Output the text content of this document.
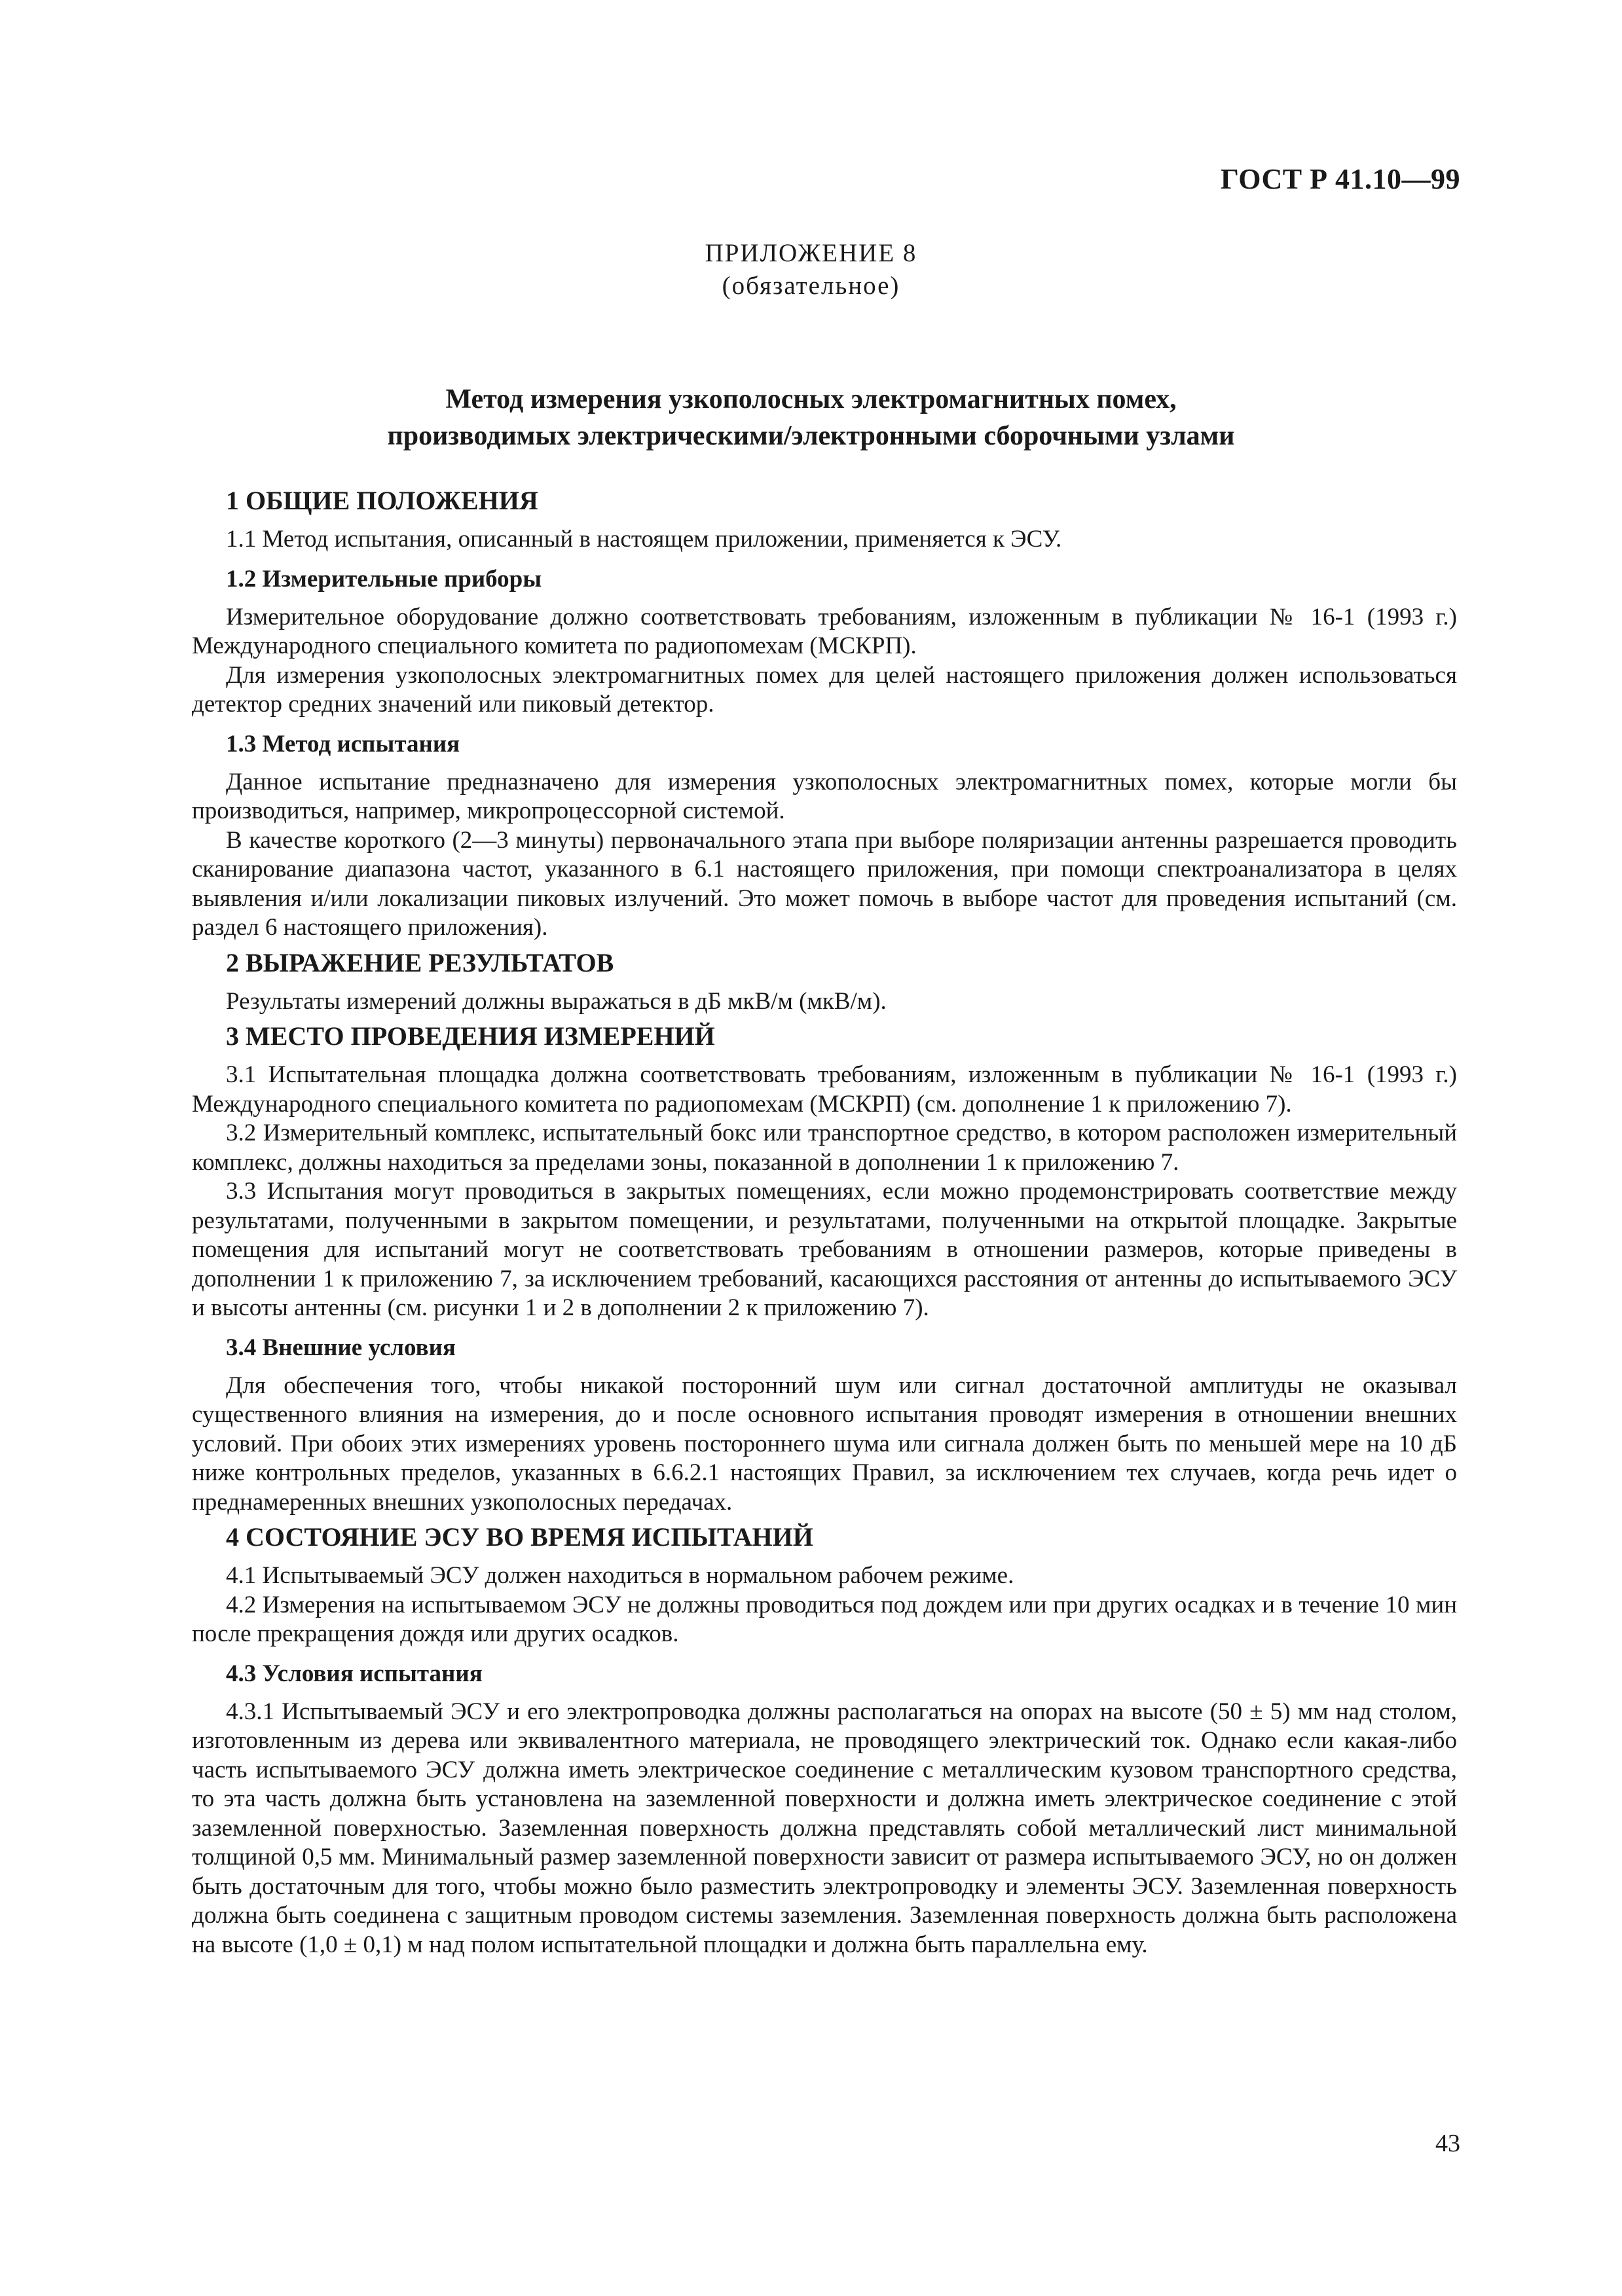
ГОСТ Р 41.10—99
ПРИЛОЖЕНИЕ 8
(обязательное)
Метод измерения узкополосных электромагнитных помех,
производимых электрическими/электронными сборочными узлами
1 ОБЩИЕ ПОЛОЖЕНИЯ
1.1 Метод испытания, описанный в настоящем приложении, применяется к ЭСУ.
1.2 Измерительные приборы
Измерительное оборудование должно соответствовать требованиям, изложенным в публикации № 16-1 (1993 г.) Международного специального комитета по радиопомехам (МСКРП).
Для измерения узкополосных электромагнитных помех для целей настоящего приложения должен использоваться детектор средних значений или пиковый детектор.
1.3 Метод испытания
Данное испытание предназначено для измерения узкополосных электромагнитных помех, которые могли бы производиться, например, микропроцессорной системой.
В качестве короткого (2—3 минуты) первоначального этапа при выборе поляризации антенны разрешается проводить сканирование диапазона частот, указанного в 6.1 настоящего приложения, при помощи спектроанализатора в целях выявления и/или локализации пиковых излучений. Это может помочь в выборе частот для проведения испытаний (см. раздел 6 настоящего приложения).
2 ВЫРАЖЕНИЕ РЕЗУЛЬТАТОВ
Результаты измерений должны выражаться в дБ мкВ/м (мкВ/м).
3 МЕСТО ПРОВЕДЕНИЯ ИЗМЕРЕНИЙ
3.1 Испытательная площадка должна соответствовать требованиям, изложенным в публикации № 16-1 (1993 г.) Международного специального комитета по радиопомехам (МСКРП) (см. дополнение 1 к приложению 7).
3.2 Измерительный комплекс, испытательный бокс или транспортное средство, в котором расположен измерительный комплекс, должны находиться за пределами зоны, показанной в дополнении 1 к приложению 7.
3.3 Испытания могут проводиться в закрытых помещениях, если можно продемонстрировать соответствие между результатами, полученными в закрытом помещении, и результатами, полученными на открытой площадке. Закрытые помещения для испытаний могут не соответствовать требованиям в отношении размеров, которые приведены в дополнении 1 к приложению 7, за исключением требований, касающихся расстояния от антенны до испытываемого ЭСУ и высоты антенны (см. рисунки 1 и 2 в дополнении 2 к приложению 7).
3.4 Внешние условия
Для обеспечения того, чтобы никакой посторонний шум или сигнал достаточной амплитуды не оказывал существенного влияния на измерения, до и после основного испытания проводят измерения в отношении внешних условий. При обоих этих измерениях уровень постороннего шума или сигнала должен быть по меньшей мере на 10 дБ ниже контрольных пределов, указанных в 6.6.2.1 настоящих Правил, за исключением тех случаев, когда речь идет о преднамеренных внешних узкополосных передачах.
4 СОСТОЯНИЕ ЭСУ ВО ВРЕМЯ ИСПЫТАНИЙ
4.1 Испытываемый ЭСУ должен находиться в нормальном рабочем режиме.
4.2 Измерения на испытываемом ЭСУ не должны проводиться под дождем или при других осадках и в течение 10 мин после прекращения дождя или других осадков.
4.3 Условия испытания
4.3.1 Испытываемый ЭСУ и его электропроводка должны располагаться на опорах на высоте (50 ± 5) мм над столом, изготовленным из дерева или эквивалентного материала, не проводящего электрический ток. Однако если какая-либо часть испытываемого ЭСУ должна иметь электрическое соединение с металлическим кузовом транспортного средства, то эта часть должна быть установлена на заземленной поверхности и должна иметь электрическое соединение с этой заземленной поверхностью. Заземленная поверхность должна представлять собой металлический лист минимальной толщиной 0,5 мм. Минимальный размер заземленной поверхности зависит от размера испытываемого ЭСУ, но он должен быть достаточным для того, чтобы можно было разместить электропроводку и элементы ЭСУ. Заземленная поверхность должна быть соединена с защитным проводом системы заземления. Заземленная поверхность должна быть расположена на высоте (1,0 ± 0,1) м над полом испытательной площадки и должна быть параллельна ему.
43
